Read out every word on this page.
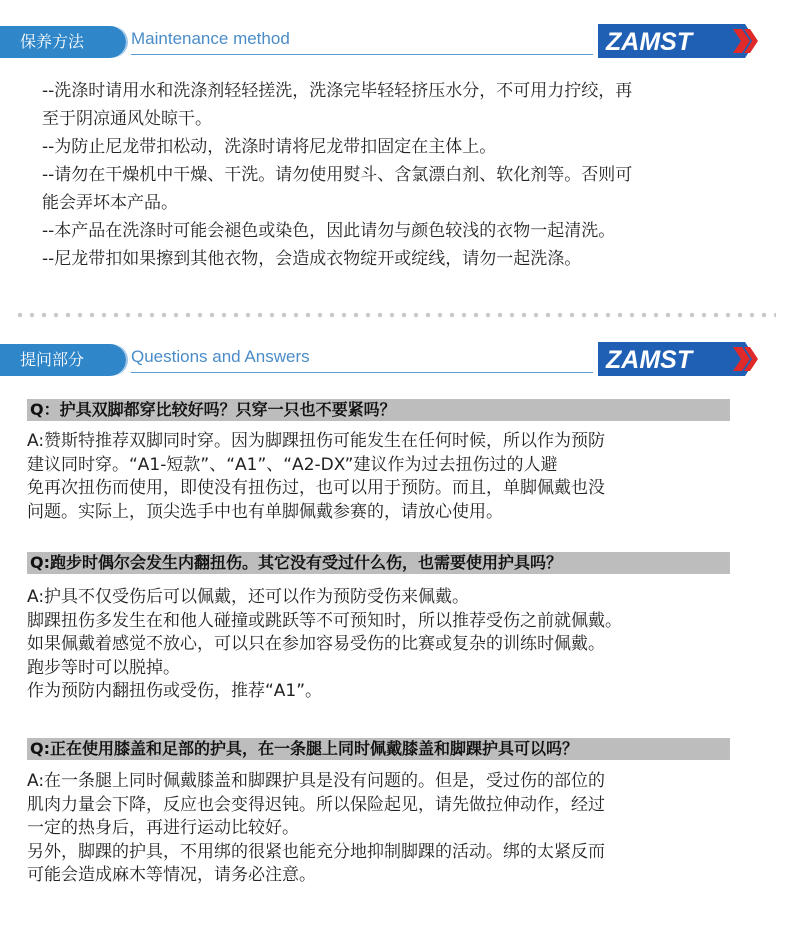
保养方法	Maintenance method	ZAMST

--洗涤时请用水和洗涤剂轻轻搓洗，洗涤完毕轻轻挤压水分，不可用力拧绞，再

至于阴凉通风处晾干。

--为防止尼龙带扣松动，洗涤时请将尼龙带扣固定在主体上。

--请勿在干燥机中干燥、干洗。请勿使用熨斗、含氯漂白剂、软化剂等。否则可

能会弄坏本产品。

--本产品在洗涤时可能会褪色或染色，因此请勿与颜色较浅的衣物一起清洗。

--尼龙带扣如果擦到其他衣物，会造成衣物绽开或绽线，请勿一起洗涤。

提问部分	Questions and Answers	ZAMST
Q：护具双脚都穿比较好吗？只穿一只也不要紧吗？

A:赞斯特推荐双脚同时穿。因为脚踝扭伤可能发生在任何时候，所以作为预防

建议同时穿。“A1-短款”、“A1”、“A2-DX”建议作为过去扭伤过的人避

免再次扭伤而使用，即使没有扭伤过，也可以用于预防。而且，单脚佩戴也没

问题。实际上，顶尖选手中也有单脚佩戴参赛的，请放心使用。

Q:跑步时偶尔会发生内翻扭伤。其它没有受过什么伤，也需要使用护具吗？

A:护具不仅受伤后可以佩戴，还可以作为预防受伤来佩戴。

脚踝扭伤多发生在和他人碰撞或跳跃等不可预知时，所以推荐受伤之前就佩戴。

如果佩戴着感觉不放心，可以只在参加容易受伤的比赛或复杂的训练时佩戴。

跑步等时可以脱掉。

作为预防内翻扭伤或受伤，推荐“A1”。

Q:正在使用膝盖和足部的护具，在一条腿上同时佩戴膝盖和脚踝护具可以吗？

A:在一条腿上同时佩戴膝盖和脚踝护具是没有问题的。但是，受过伤的部位的

肌肉力量会下降，反应也会变得迟钝。所以保险起见，请先做拉伸动作，经过

一定的热身后，再进行运动比较好。

另外，脚踝的护具，不用绑的很紧也能充分地抑制脚踝的活动。绑的太紧反而

可能会造成麻木等情况，请务必注意。
